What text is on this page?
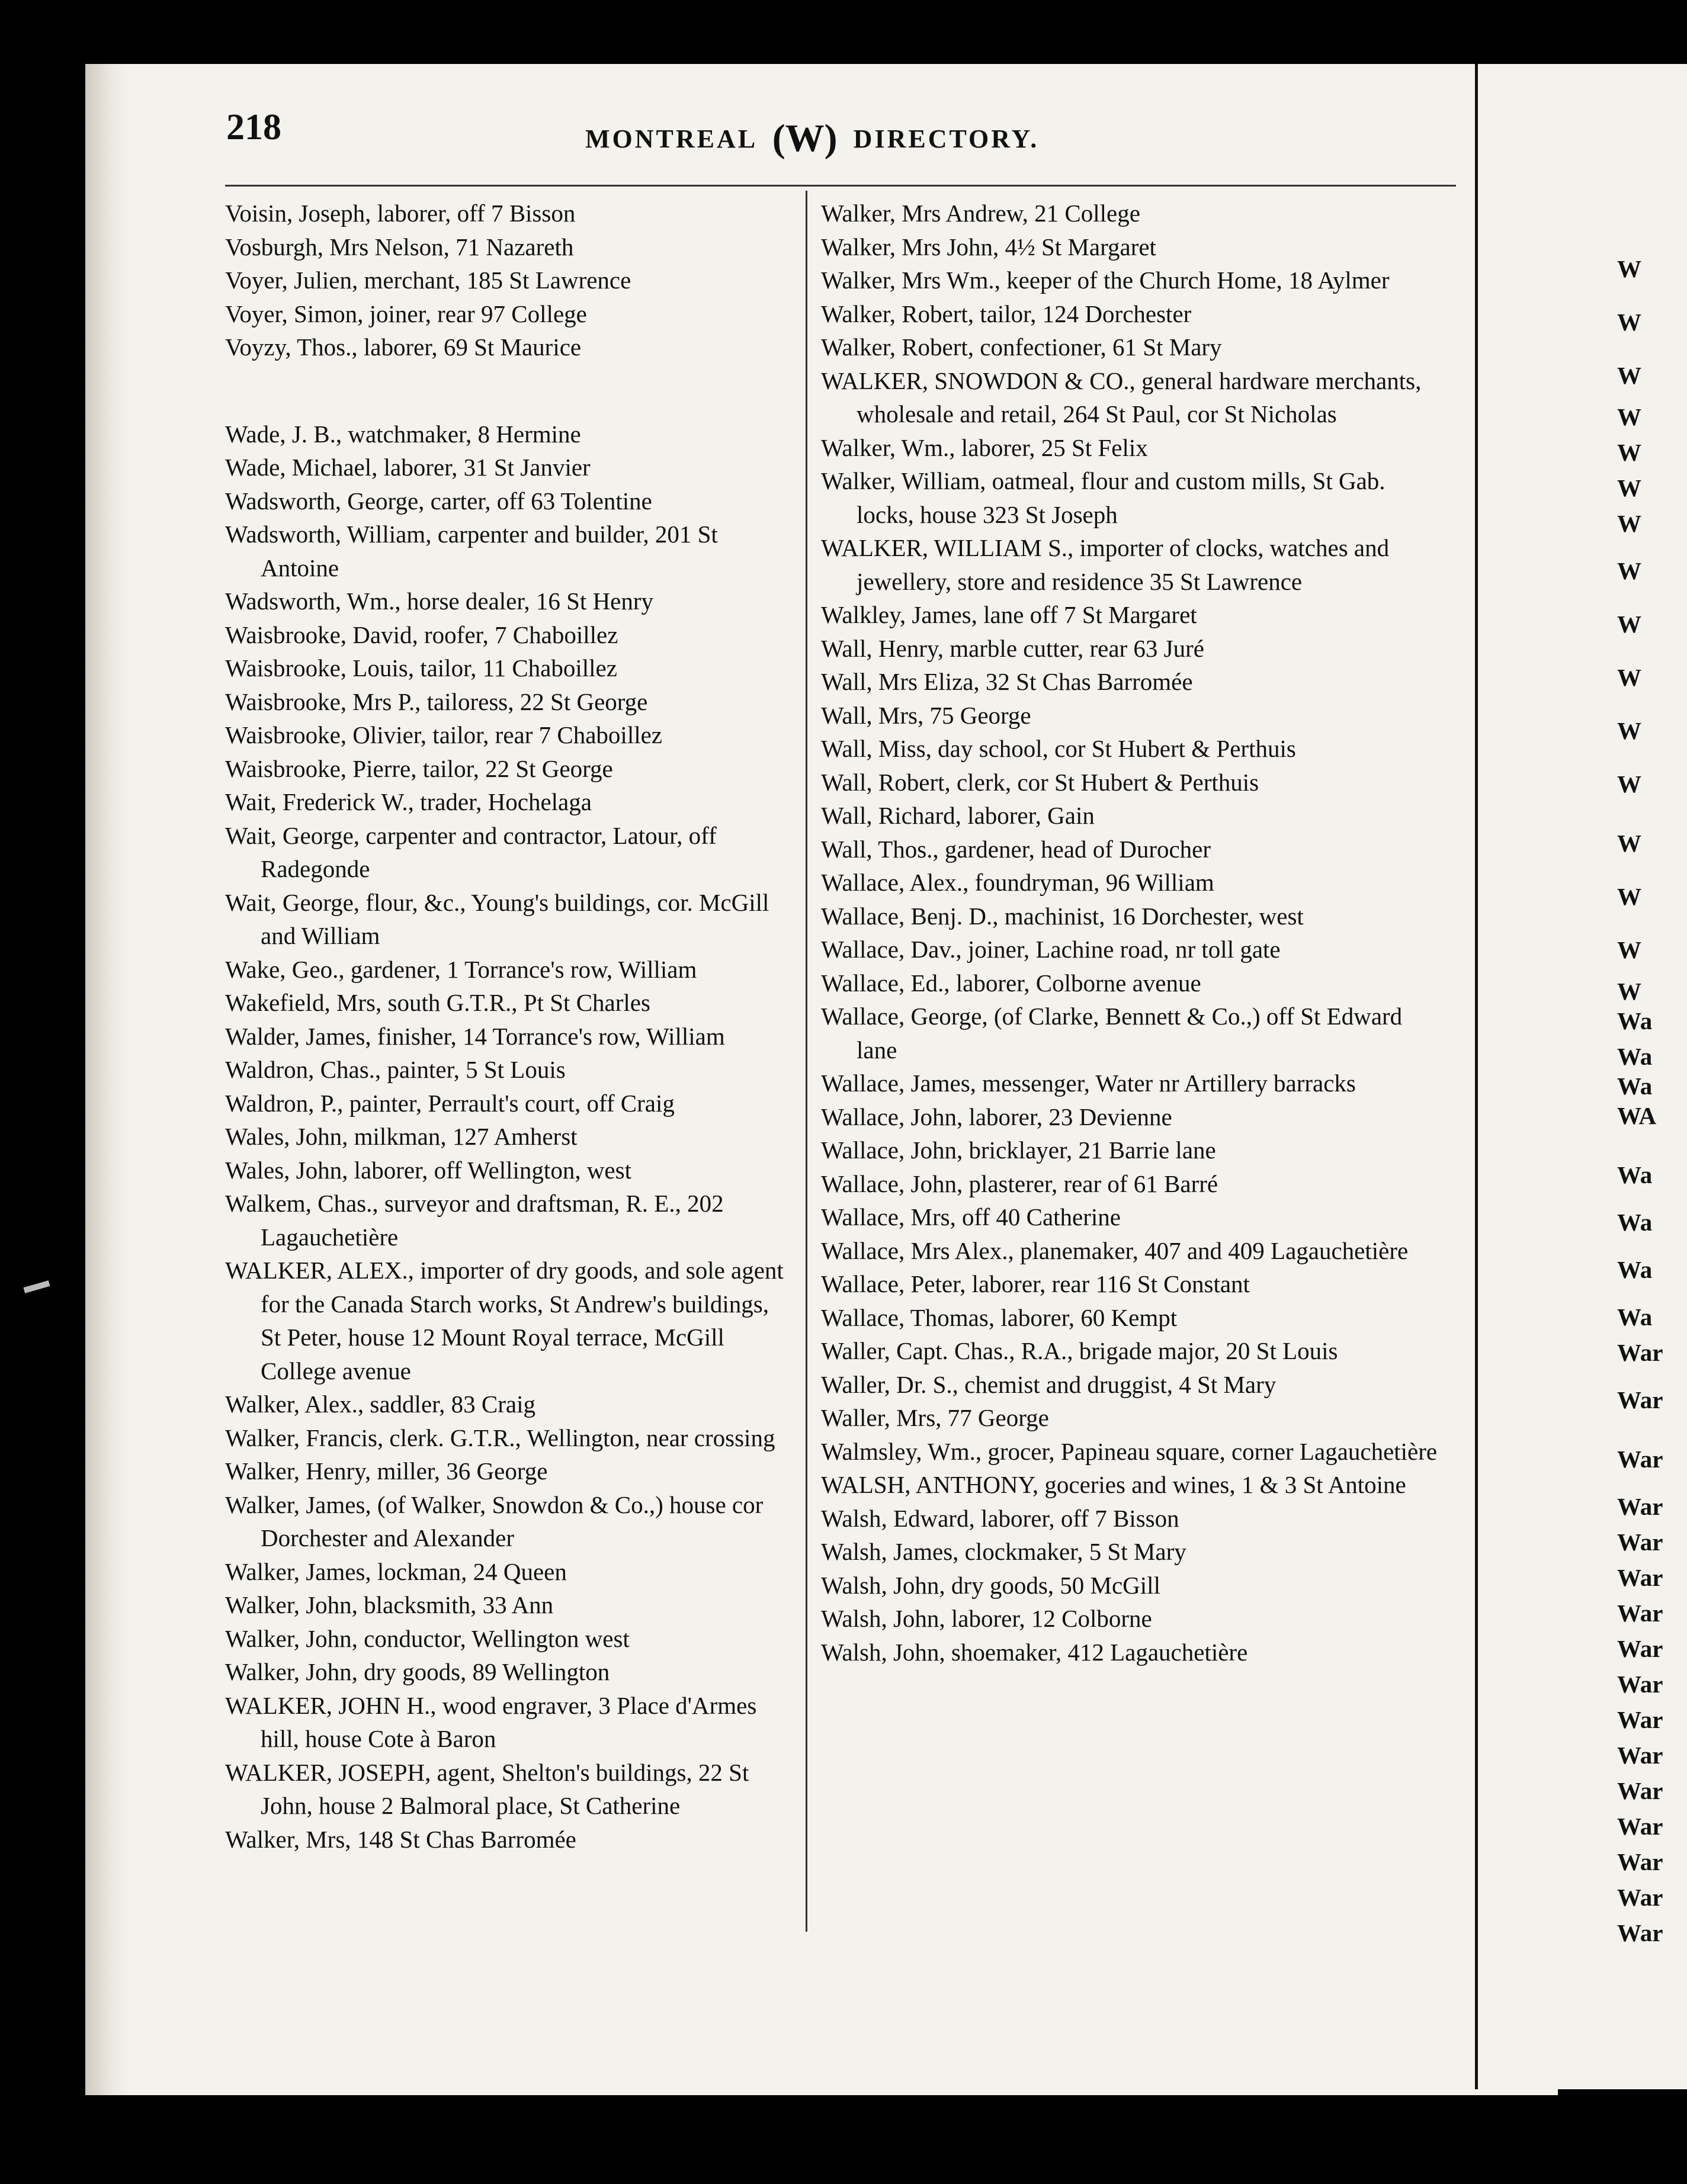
218	MONTREAL (W) DIRECTORY.
Voisin, Joseph, laborer, off 7 Bisson
Vosburgh, Mrs Nelson, 71 Nazareth
Voyer, Julien, merchant, 185 St Lawrence
Voyer, Simon, joiner, rear 97 College
Voyzy, Thos., laborer, 69 St Maurice
Wade, J. B., watchmaker, 8 Hermine
Wade, Michael, laborer, 31 St Janvier
Wadsworth, George, carter, off 63 Tolentine
Wadsworth, William, carpenter and builder, 201 St Antoine
Wadsworth, Wm., horse dealer, 16 St Henry
Waisbrooke, David, roofer, 7 Chaboillez
Waisbrooke, Louis, tailor, 11 Chaboillez
Waisbrooke, Mrs P., tailoress, 22 St George
Waisbrooke, Olivier, tailor, rear 7 Chaboillez
Waisbrooke, Pierre, tailor, 22 St George
Wait, Frederick W., trader, Hochelaga
Wait, George, carpenter and contractor, Latour, off Radegonde
Wait, George, flour, &c., Young's buildings, cor. McGill and William
Wake, Geo., gardener, 1 Torrance's row, William
Wakefield, Mrs, south G.T.R., Pt St Charles
Walder, James, finisher, 14 Torrance's row, William
Waldron, Chas., painter, 5 St Louis
Waldron, P., painter, Perrault's court, off Craig
Wales, John, milkman, 127 Amherst
Wales, John, laborer, off Wellington, west
Walkem, Chas., surveyor and draftsman, R. E., 202 Lagauchetière
WALKER, ALEX., importer of dry goods, and sole agent for the Canada Starch works, St Andrew's buildings, St Peter, house 12 Mount Royal terrace, McGill College avenue
Walker, Alex., saddler, 83 Craig
Walker, Francis, clerk. G.T.R., Wellington, near crossing
Walker, Henry, miller, 36 George
Walker, James, (of Walker, Snowdon & Co.,) house cor Dorchester and Alexander
Walker, James, lockman, 24 Queen
Walker, John, blacksmith, 33 Ann
Walker, John, conductor, Wellington west
Walker, John, dry goods, 89 Wellington
WALKER, JOHN H., wood engraver, 3 Place d'Armes hill, house Cote à Baron
WALKER, JOSEPH, agent, Shelton's buildings, 22 St John, house 2 Balmoral place, St Catherine
Walker, Mrs, 148 St Chas Barromée
Walker, Mrs Andrew, 21 College
Walker, Mrs John, 4½ St Margaret
Walker, Mrs Wm., keeper of the Church Home, 18 Aylmer
Walker, Robert, tailor, 124 Dorchester
Walker, Robert, confectioner, 61 St Mary
WALKER, SNOWDON & CO., general hardware merchants, wholesale and retail, 264 St Paul, cor St Nicholas
Walker, Wm., laborer, 25 St Felix
Walker, William, oatmeal, flour and custom mills, St Gab. locks, house 323 St Joseph
WALKER, WILLIAM S., importer of clocks, watches and jewellery, store and residence 35 St Lawrence
Walkley, James, lane off 7 St Margaret
Wall, Henry, marble cutter, rear 63 Juré
Wall, Mrs Eliza, 32 St Chas Barromée
Wall, Mrs, 75 George
Wall, Miss, day school, cor St Hubert & Perthuis
Wall, Robert, clerk, cor St Hubert & Perthuis
Wall, Richard, laborer, Gain
Wall, Thos., gardener, head of Durocher
Wallace, Alex., foundryman, 96 William
Wallace, Benj. D., machinist, 16 Dorchester, west
Wallace, Dav., joiner, Lachine road, nr toll gate
Wallace, Ed., laborer, Colborne avenue
Wallace, George, (of Clarke, Bennett & Co.,) off St Edward lane
Wallace, James, messenger, Water nr Artillery barracks
Wallace, John, laborer, 23 Devienne
Wallace, John, bricklayer, 21 Barrie lane
Wallace, John, plasterer, rear of 61 Barré
Wallace, Mrs, off 40 Catherine
Wallace, Mrs Alex., planemaker, 407 and 409 Lagauchetière
Wallace, Peter, laborer, rear 116 St Constant
Wallace, Thomas, laborer, 60 Kempt
Waller, Capt. Chas., R.A., brigade major, 20 St Louis
Waller, Dr. S., chemist and druggist, 4 St Mary
Waller, Mrs, 77 George
Walmsley, Wm., grocer, Papineau square, corner Lagauchetière
WALSH, ANTHONY, goceries and wines, 1 & 3 St Antoine
Walsh, Edward, laborer, off 7 Bisson
Walsh, James, clockmaker, 5 St Mary
Walsh, John, dry goods, 50 McGill
Walsh, John, laborer, 12 Colborne
Walsh, John, shoemaker, 412 Lagauchetière
W
W
W
W
W
W
W
W
W
W
W
W
W
W
W
W
Wa
Wa
Wa
WA
Wa
Wa
Wa
Wa
War
War
War
War
War
War
War
War
War
War
War
War
War
War
War
War
